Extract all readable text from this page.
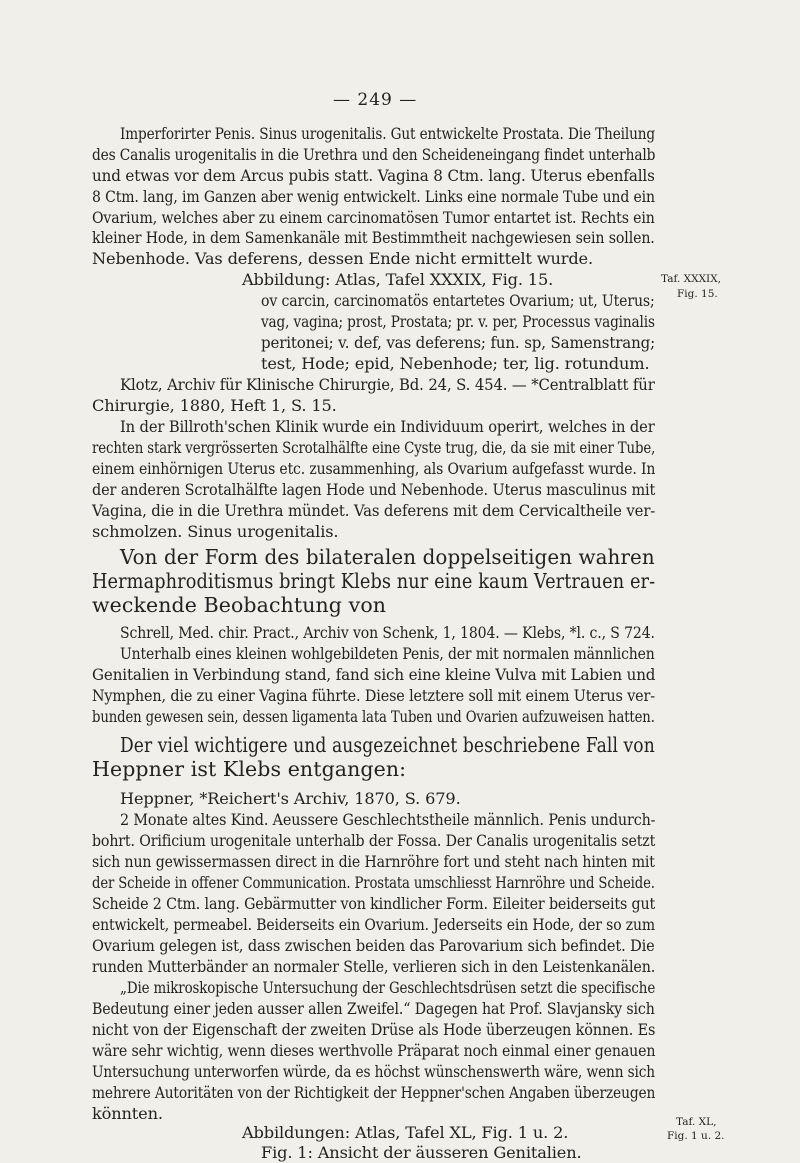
— 249 —
Imperforirter Penis. Sinus urogenitalis. Gut entwickelte Prostata. Die Theilung
des Canalis urogenitalis in die Urethra und den Scheideneingang findet unterhalb
und etwas vor dem Arcus pubis statt. Vagina 8 Ctm. lang. Uterus ebenfalls
8 Ctm. lang, im Ganzen aber wenig entwickelt. Links eine normale Tube und ein
Ovarium, welches aber zu einem carcinomatösen Tumor entartet ist. Rechts ein
kleiner Hode, in dem Samenkanäle mit Bestimmtheit nachgewiesen sein sollen.
Nebenhode. Vas deferens, dessen Ende nicht ermittelt wurde.
Abbildung: Atlas, Tafel XXXIX, Fig. 15.	Taf. XXXIX,
Fig. 15.
ov carcin, carcinomatös entartetes Ovarium; ut, Uterus;
vag, vagina; prost, Prostata; pr. v. per, Processus vaginalis
peritonei; v. def, vas deferens; fun. sp, Samenstrang;
test, Hode; epid, Nebenhode; ter, lig. rotundum.
Klotz, Archiv für Klinische Chirurgie, Bd. 24, S. 454. — *Centralblatt für
Chirurgie, 1880, Heft 1, S. 15.
In der Billroth'schen Klinik wurde ein Individuum operirt, welches in der
rechten stark vergrösserten Scrotalhälfte eine Cyste trug, die, da sie mit einer Tube,
einem einhörnigen Uterus etc. zusammenhing, als Ovarium aufgefasst wurde. In
der anderen Scrotalhälfte lagen Hode und Nebenhode. Uterus masculinus mit
Vagina, die in die Urethra mündet. Vas deferens mit dem Cervicaltheile ver-
schmolzen. Sinus urogenitalis.
Von der Form des bilateralen doppelseitigen wahren
Hermaphroditismus bringt Klebs nur eine kaum Vertrauen er-
weckende Beobachtung von
Schrell, Med. chir. Pract., Archiv von Schenk, 1, 1804. — Klebs, *l. c., S 724.
Unterhalb eines kleinen wohlgebildeten Penis, der mit normalen männlichen
Genitalien in Verbindung stand, fand sich eine kleine Vulva mit Labien und
Nymphen, die zu einer Vagina führte. Diese letztere soll mit einem Uterus ver-
bunden gewesen sein, dessen ligamenta lata Tuben und Ovarien aufzuweisen hatten.
Der viel wichtigere und ausgezeichnet beschriebene Fall von
Heppner ist Klebs entgangen:
Heppner, *Reichert's Archiv, 1870, S. 679.
2 Monate altes Kind. Aeussere Geschlechtstheile männlich. Penis undurch-
bohrt. Orificium urogenitale unterhalb der Fossa. Der Canalis urogenitalis setzt
sich nun gewissermassen direct in die Harnröhre fort und steht nach hinten mit
der Scheide in offener Communication. Prostata umschliesst Harnröhre und Scheide.
Scheide 2 Ctm. lang. Gebärmutter von kindlicher Form. Eileiter beiderseits gut
entwickelt, permeabel. Beiderseits ein Ovarium. Jederseits ein Hode, der so zum
Ovarium gelegen ist, dass zwischen beiden das Parovarium sich befindet. Die
runden Mutterbänder an normaler Stelle, verlieren sich in den Leistenkanälen.
„Die mikroskopische Untersuchung der Geschlechtsdrüsen setzt die specifische
Bedeutung einer jeden ausser allen Zweifel.“ Dagegen hat Prof. Slavjansky sich
nicht von der Eigenschaft der zweiten Drüse als Hode überzeugen können. Es
wäre sehr wichtig, wenn dieses werthvolle Präparat noch einmal einer genauen
Untersuchung unterworfen würde, da es höchst wünschenswerth wäre, wenn sich
mehrere Autoritäten von der Richtigkeit der Heppner'schen Angaben überzeugen
könnten.
Abbildungen: Atlas, Tafel XL, Fig. 1 u. 2.
Taf. XL,
Fig. 1: Ansicht der äusseren Genitalien.
Fig. 1 u. 2.
